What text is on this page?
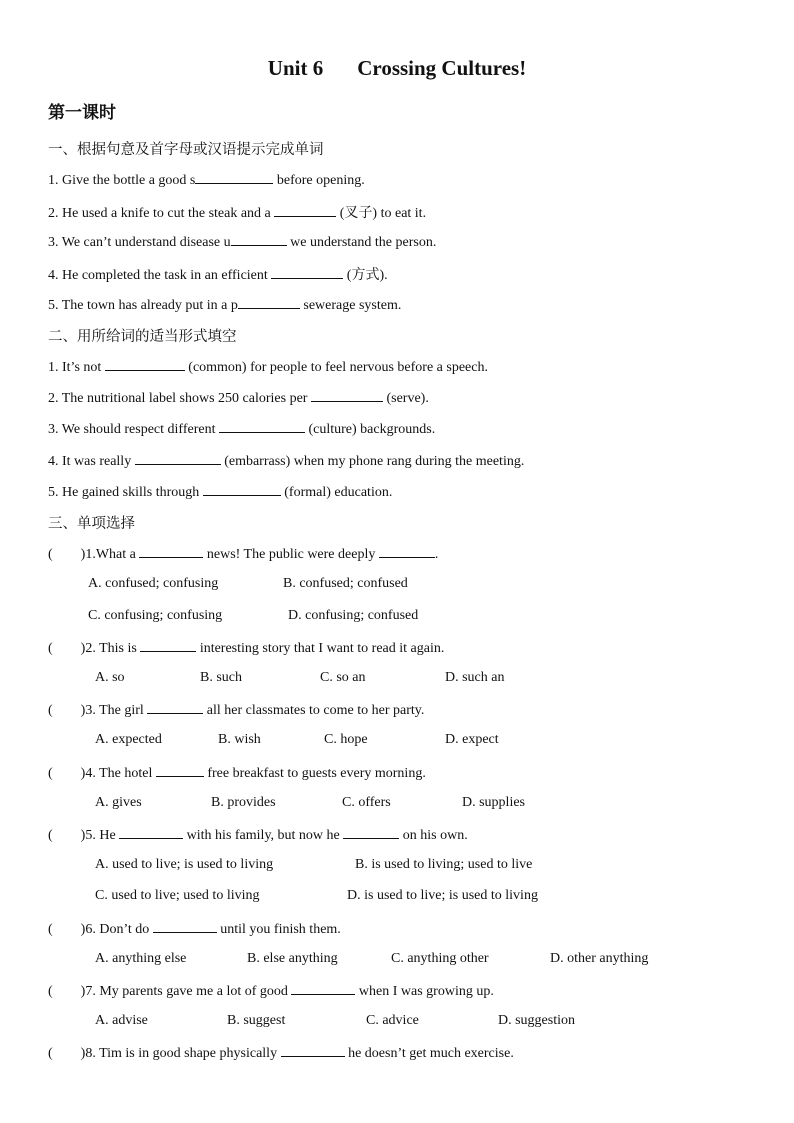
Unit 6 Crossing Cultures!
第一课时
一、根据句意及首字母或汉语提示完成单词
1. Give the bottle a good s	before opening.
2. He used a knife to cut the steak and a	(叉子) to eat it.
3. We can’t understand disease u	we understand the person.
4. He completed the task in an efficient	(方式).
5. The town has already put in a p	sewerage system.
二、用所给词的适当形式填空
1. It’s not	(common) for people to feel nervous before a speech.
2. The nutritional label shows 250 calories per	(serve).
3. We should respect different	(culture) backgrounds.
4. It was really	(embarrass) when my phone rang during the meeting.
5. He gained skills through	(formal) education.
三、单项选择
( )1.What a	news! The public were deeply	.
A. confused; confusing	B. confused; confused
C. confusing; confusing	D. confusing; confused
( )2. This is	interesting story that I want to read it again.
A. so	B. such	C. so an	D. such an
( )3. The girl	all her classmates to come to her party.
A. expected	B. wish	C. hope	D. expect
( )4. The hotel	free breakfast to guests every morning.
A. gives	B. provides	C. offers	D. supplies
( )5. He	with his family, but now he	on his own.
A. used to live; is used to living	B. is used to living; used to live
C. used to live; used to living	D. is used to live; is used to living
( )6. Don’t do	until you finish them.
A. anything else	B. else anything	C. anything other	D. other anything
( )7. My parents gave me a lot of good	when I was growing up.
A. advise	B. suggest	C. advice	D. suggestion
( )8. Tim is in good shape physically	he doesn’t get much exercise.
